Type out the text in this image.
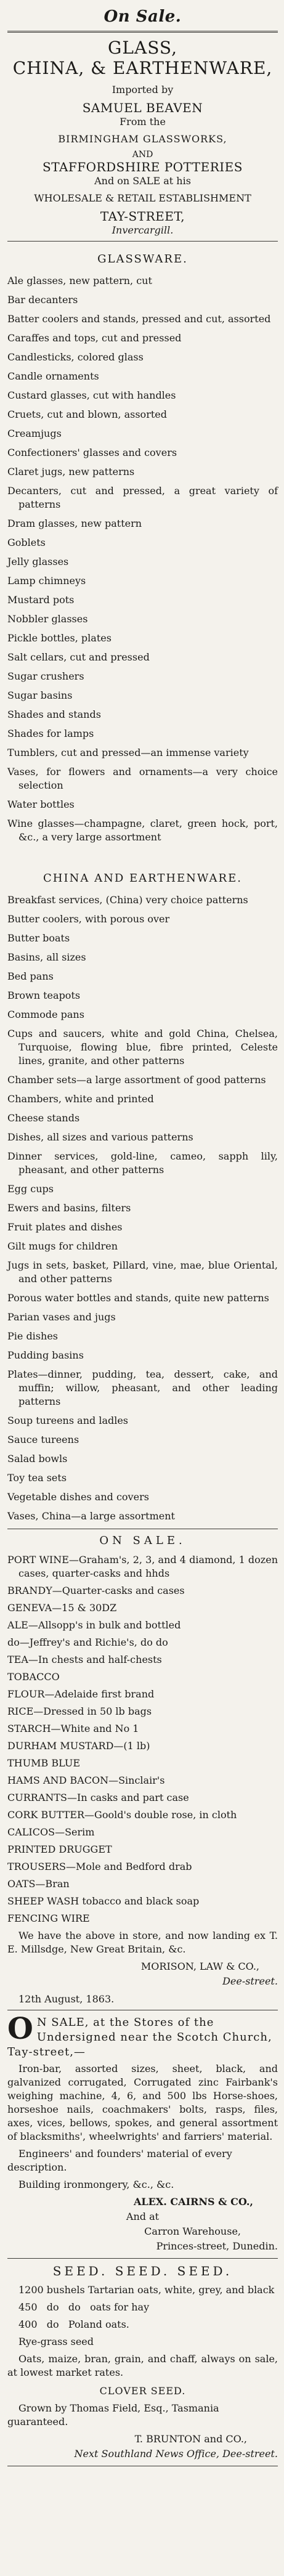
On Sale.
GLASS,
CHINA, & EARTHENWARE,
Imported by
SAMUEL BEAVEN
From the
BIRMINGHAM GLASSWORKS,
AND
STAFFORDSHIRE POTTERIES
And on SALE at his
WHOLESALE & RETAIL ESTABLISHMENT
TAY-STREET,
Invercargill.
GLASSWARE.
Ale glasses, new pattern, cut
Bar decanters
Batter coolers and stands, pressed and cut, assorted
Caraffes and tops, cut and pressed
Candlesticks, colored glass
Candle ornaments
Custard glasses, cut with handles
Cruets, cut and blown, assorted
Creamjugs
Confectioners' glasses and covers
Claret jugs, new patterns
Decanters, cut and pressed, a great variety of patterns
Dram glasses, new pattern
Goblets
Jelly glasses
Lamp chimneys
Mustard pots
Nobbler glasses
Pickle bottles, plates
Salt cellars, cut and pressed
Sugar crushers
Sugar basins
Shades and stands
Shades for lamps
Tumblers, cut and pressed—an immense variety
Vases, for flowers and ornaments—a very choice selection
Water bottles
Wine glasses—champagne, claret, green hock, port, &c., a very large assortment
CHINA AND EARTHENWARE.
Breakfast services, (China) very choice patterns
Butter coolers, with porous over
Butter boats
Basins, all sizes
Bed pans
Brown teapots
Commode pans
Cups and saucers, white and gold China, Chelsea, Turquoise, flowing blue, fibre printed, Celeste lines, granite, and other patterns
Chamber sets—a large assortment of good patterns
Chambers, white and printed
Cheese stands
Dishes, all sizes and various patterns
Dinner services, gold-line, cameo, sapph lily, pheasant, and other patterns
Egg cups
Ewers and basins, filters
Fruit plates and dishes
Gilt mugs for children
Jugs in sets, basket, Pillard, vine, mae, blue Oriental, and other patterns
Porous water bottles and stands, quite new patterns
Parian vases and jugs
Pie dishes
Pudding basins
Plates—dinner, pudding, tea, dessert, cake, and muffin; willow, pheasant, and other leading patterns
Soup tureens and ladles
Sauce tureens
Salad bowls
Toy tea sets
Vegetable dishes and covers
Vases, China—a large assortment
ON SALE.
PORT WINE—Graham's, 2, 3, and 4 diamond, 1 dozen cases, quarter-casks and hhds
BRANDY—Quarter-casks and cases
GENEVA—15 & 30DZ
ALE—Allsopp's in bulk and bottled
do—Jeffrey's and Richie's, do do
TEA—In chests and half-chests
TOBACCO
FLOUR—Adelaide first brand
RICE—Dressed in 50 lb bags
STARCH—White and No 1
DURHAM MUSTARD—(1 lb)
THUMB BLUE
HAMS AND BACON—Sinclair's
CURRANTS—In casks and part case
CORK BUTTER—Goold's double rose, in cloth
CALICOS—Serim
PRINTED DRUGGET
TROUSERS—Mole and Bedford drab
OATS—Bran
SHEEP WASH tobacco and black soap
FENCING WIRE
We have the above in store, and now landing ex T. E. Millsdge, New Great Britain, &c.
MORISON, LAW & CO.,
Dee-street.
12th August, 1863.
O N SALE, at the Stores of the Undersigned near the Scotch Church, Tay-street,—

Iron-bar, assorted sizes, sheet, black, and galvanized corrugated, Corrugated zinc Fairbank's weighing machine, 4, 6, and 500 lbs Horse-shoes, horseshoe nails, coachmakers' bolts, rasps, files, axes, vices, bellows, spokes, and general assortment of blacksmiths', wheelwrights' and farriers' material.
Engineers' and founders' material of every description.
Building ironmongery, &c., &c.
ALEX. CAIRNS & CO.,
And at
Carron Warehouse,
Princes-street, Dunedin.
SEED. SEED. SEED.
1200 bushels Tartarian oats, white, grey, and black
450   do   do   oats for hay
400   do   Poland oats.
Rye-grass seed
Oats, maize, bran, grain, and chaff, always on sale, at lowest market rates.
CLOVER SEED.
Grown by Thomas Field, Esq., Tasmania guaranteed.
T. BRUNTON and CO.,
Next Southland News Office, Dee-street.
